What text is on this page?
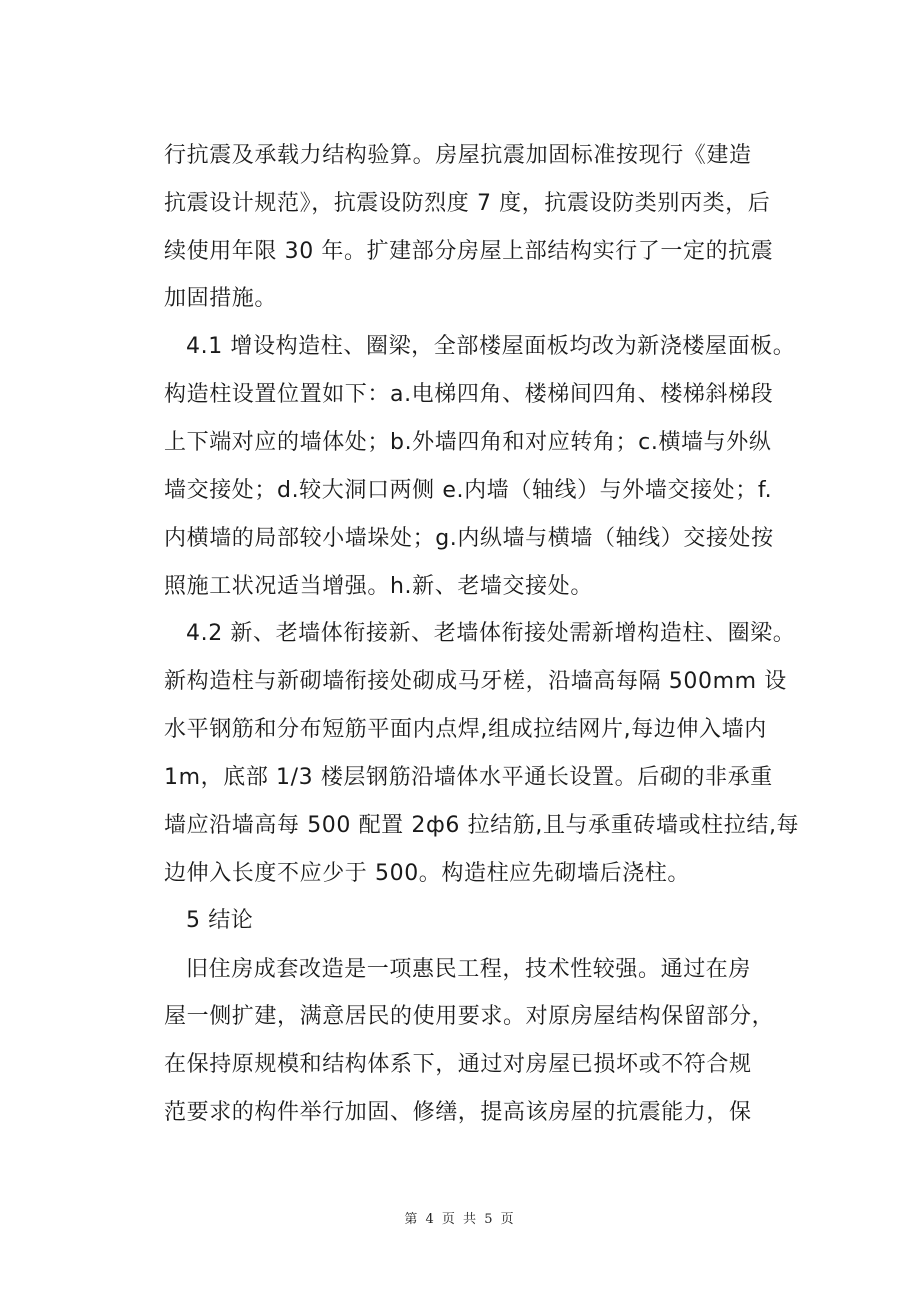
行抗震及承载力结构验算。房屋抗震加固标准按现行《建造
抗震设计规范》，抗震设防烈度 7 度，抗震设防类别丙类，后
续使用年限 30 年。扩建部分房屋上部结构实行了一定的抗震
加固措施。
4.1 增设构造柱、圈梁，全部楼屋面板均改为新浇楼屋面板。
构造柱设置位置如下：a.电梯四角、楼梯间四角、楼梯斜梯段
上下端对应的墙体处；b.外墙四角和对应转角；c.横墙与外纵
墙交接处；d.较大洞口两侧 e.内墙（轴线）与外墙交接处；f.
内横墙的局部较小墙垛处；g.内纵墙与横墙（轴线）交接处按
照施工状况适当增强。h.新、老墙交接处。
4.2 新、老墙体衔接新、老墙体衔接处需新增构造柱、圈梁。
新构造柱与新砌墙衔接处砌成马牙槎，沿墙高每隔 500mm 设
水平钢筋和分布短筋平面内点焊,组成拉结网片,每边伸入墙内
1m，底部 1/3 楼层钢筋沿墙体水平通长设置。后砌的非承重
墙应沿墙高每 500 配置 2ф6 拉结筋,且与承重砖墙或柱拉结,每
边伸入长度不应少于 500。构造柱应先砌墙后浇柱。
5 结论
旧住房成套改造是一项惠民工程，技术性较强。通过在房
屋一侧扩建，满意居民的使用要求。对原房屋结构保留部分，
在保持原规模和结构体系下，通过对房屋已损坏或不符合规
范要求的构件举行加固、修缮，提高该房屋的抗震能力，保
第 4 页 共 5 页
